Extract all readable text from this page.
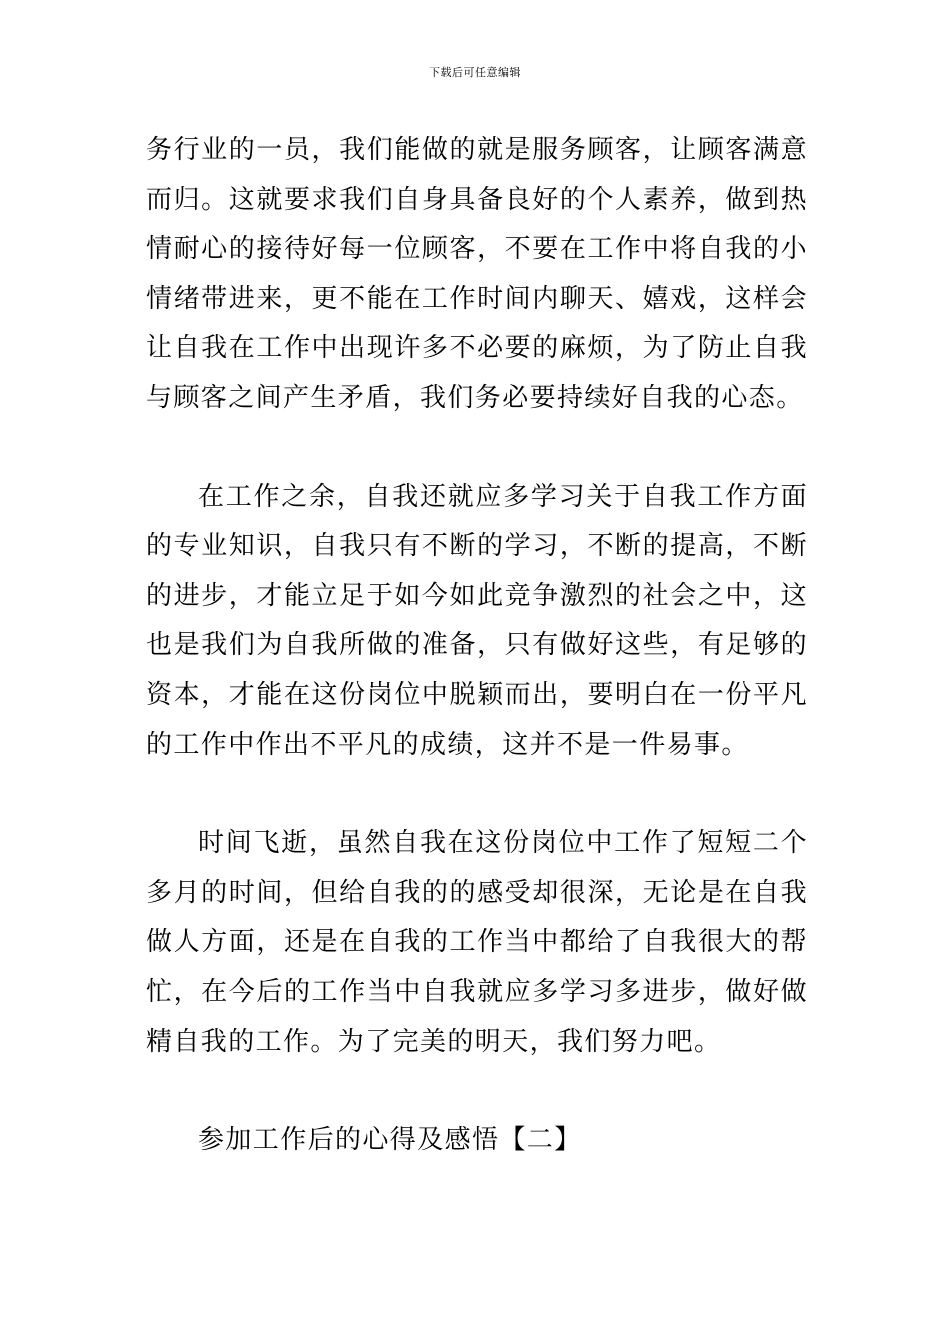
下载后可任意编辑

务行业的一员，我们能做的就是服务顾客，让顾客满意而归。这就要求我们自身具备良好的个人素养，做到热情耐心的接待好每一位顾客，不要在工作中将自我的小情绪带进来，更不能在工作时间内聊天、嬉戏，这样会让自我在工作中出现许多不必要的麻烦，为了防止自我与顾客之间产生矛盾，我们务必要持续好自我的心态。

在工作之余，自我还就应多学习关于自我工作方面的专业知识，自我只有不断的学习，不断的提高，不断的进步，才能立足于如今如此竞争激烈的社会之中，这也是我们为自我所做的准备，只有做好这些，有足够的资本，才能在这份岗位中脱颖而出，要明白在一份平凡的工作中作出不平凡的成绩，这并不是一件易事。

时间飞逝，虽然自我在这份岗位中工作了短短二个多月的时间，但给自我的的感受却很深，无论是在自我做人方面，还是在自我的工作当中都给了自我很大的帮忙，在今后的工作当中自我就应多学习多进步，做好做精自我的工作。为了完美的明天，我们努力吧。

参加工作后的心得及感悟【二】
